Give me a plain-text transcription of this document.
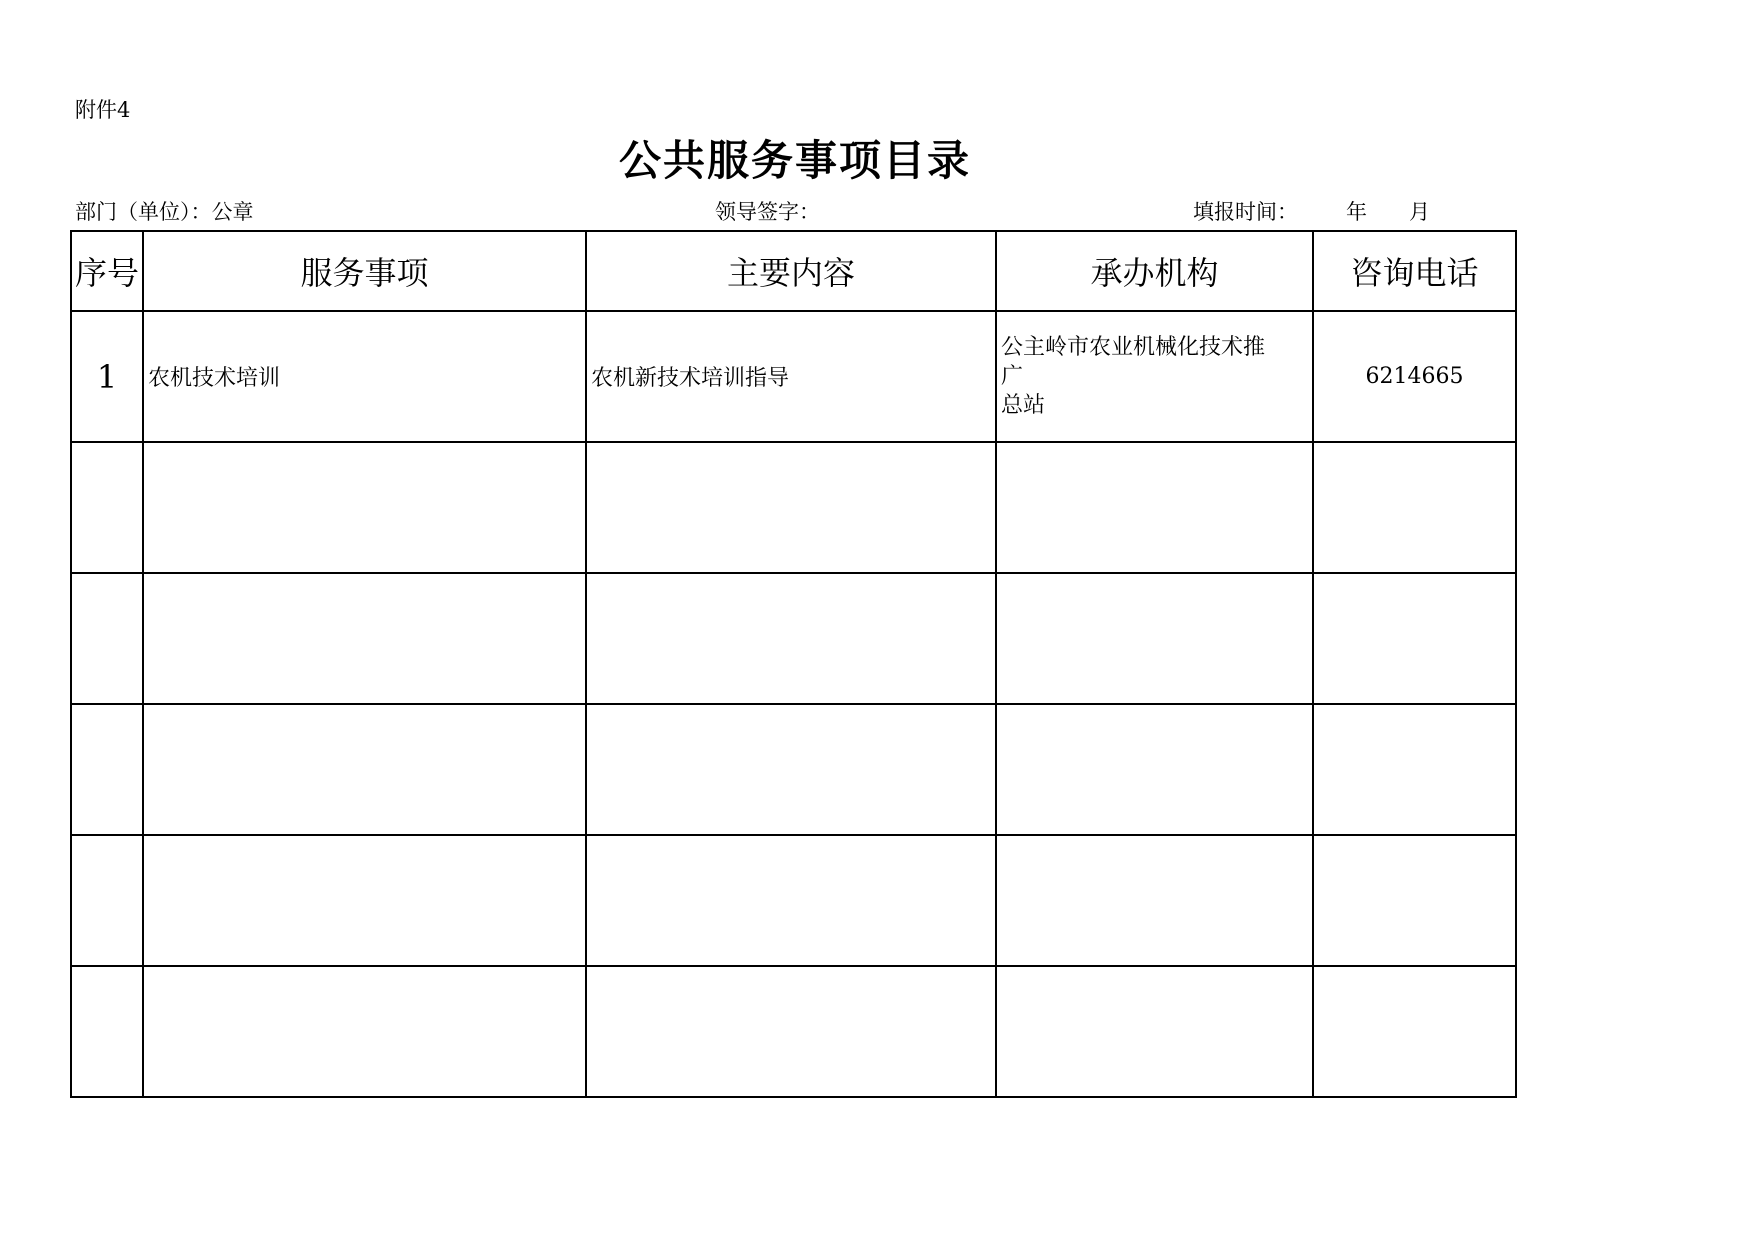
附件4
公共服务事项目录
部门（单位）：公章	领导签字：	填报时间： 年 月
序号	服务事项	主要内容	承办机构	咨询电话
1	农机技术培训	农机新技术培训指导	公主岭市农业机械化技术推
广
总站	6214665
